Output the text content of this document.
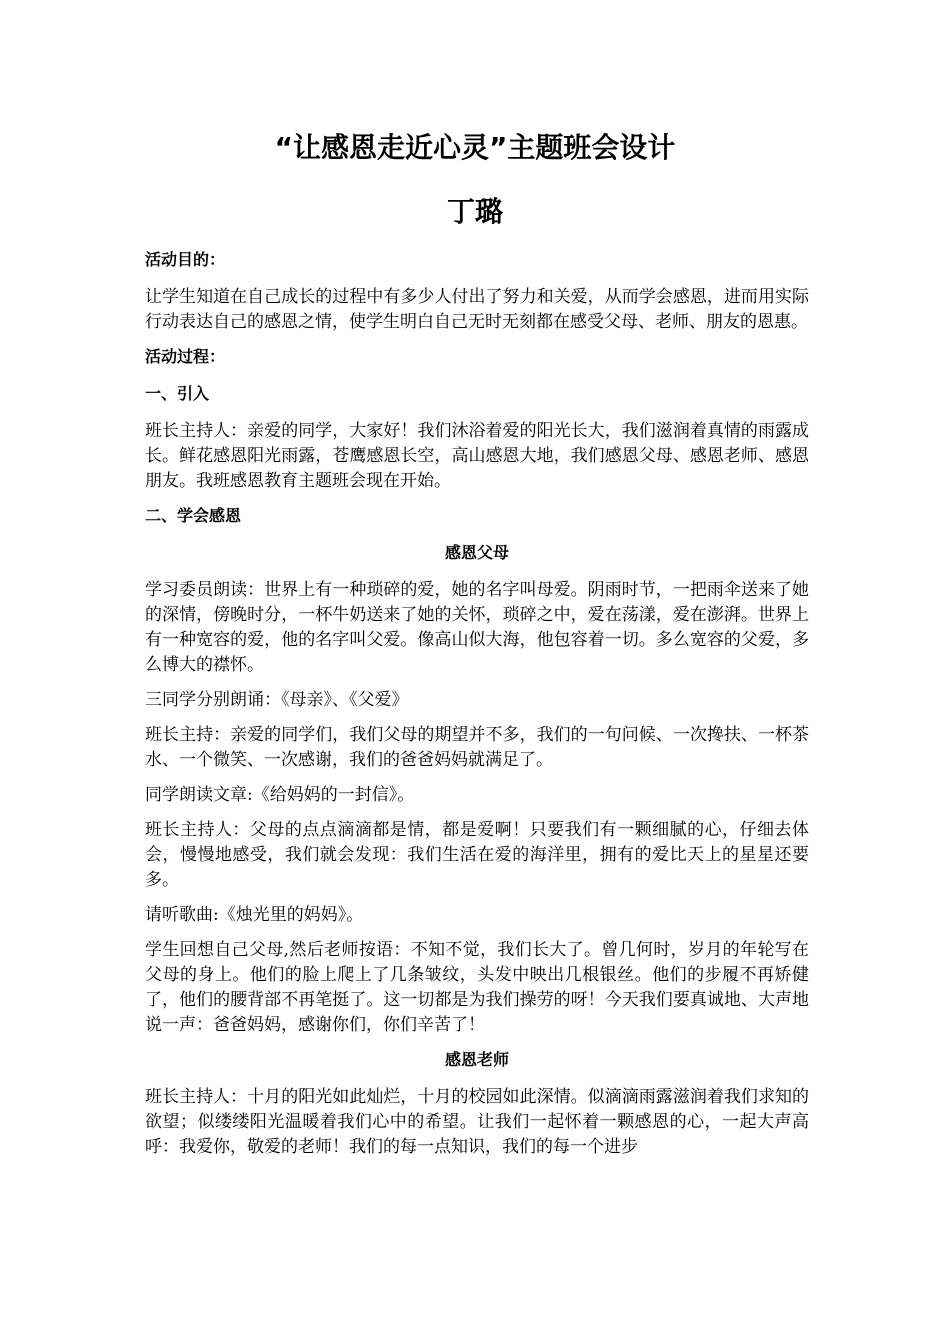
“让感恩走近心灵”主题班会设计
丁璐

活动目的：

让学生知道在自己成长的过程中有多少人付出了努力和关爱，从而学会感恩，进而用实际行动表达自己的感恩之情，使学生明白自己无时无刻都在感受父母、老师、朋友的恩惠。

活动过程：

一、引入

班长主持人：亲爱的同学，大家好！我们沐浴着爱的阳光长大，我们滋润着真情的雨露成长。鲜花感恩阳光雨露，苍鹰感恩长空，高山感恩大地，我们感恩父母、感恩老师、感恩朋友。我班感恩教育主题班会现在开始。

二、学会感恩

感恩父母

学习委员朗读：世界上有一种琐碎的爱，她的名字叫母爱。阴雨时节，一把雨伞送来了她的深情，傍晚时分，一杯牛奶送来了她的关怀，琐碎之中，爱在荡漾，爱在澎湃。世界上有一种宽容的爱，他的名字叫父爱。像高山似大海，他包容着一切。多么宽容的父爱，多么博大的襟怀。

三同学分别朗诵：《母亲》、《父爱》

班长主持：亲爱的同学们，我们父母的期望并不多，我们的一句问候、一次搀扶、一杯茶水、一个微笑、一次感谢，我们的爸爸妈妈就满足了。

同学朗读文章:《给妈妈的一封信》。

班长主持人：父母的点点滴滴都是情，都是爱啊！只要我们有一颗细腻的心，仔细去体会，慢慢地感受，我们就会发现：我们生活在爱的海洋里，拥有的爱比天上的星星还要多。

请听歌曲:《烛光里的妈妈》。

学生回想自己父母,然后老师按语：不知不觉，我们长大了。曾几何时，岁月的年轮写在父母的身上。他们的脸上爬上了几条皱纹，头发中映出几根银丝。他们的步履不再矫健了，他们的腰背部不再笔挺了。这一切都是为我们操劳的呀！今天我们要真诚地、大声地说一声：爸爸妈妈，感谢你们，你们辛苦了！

感恩老师

班长主持人：十月的阳光如此灿烂，十月的校园如此深情。似滴滴雨露滋润着我们求知的欲望；似缕缕阳光温暖着我们心中的希望。让我们一起怀着一颗感恩的心，一起大声高呼：我爱你，敬爱的老师！我们的每一点知识，我们的每一个进步
